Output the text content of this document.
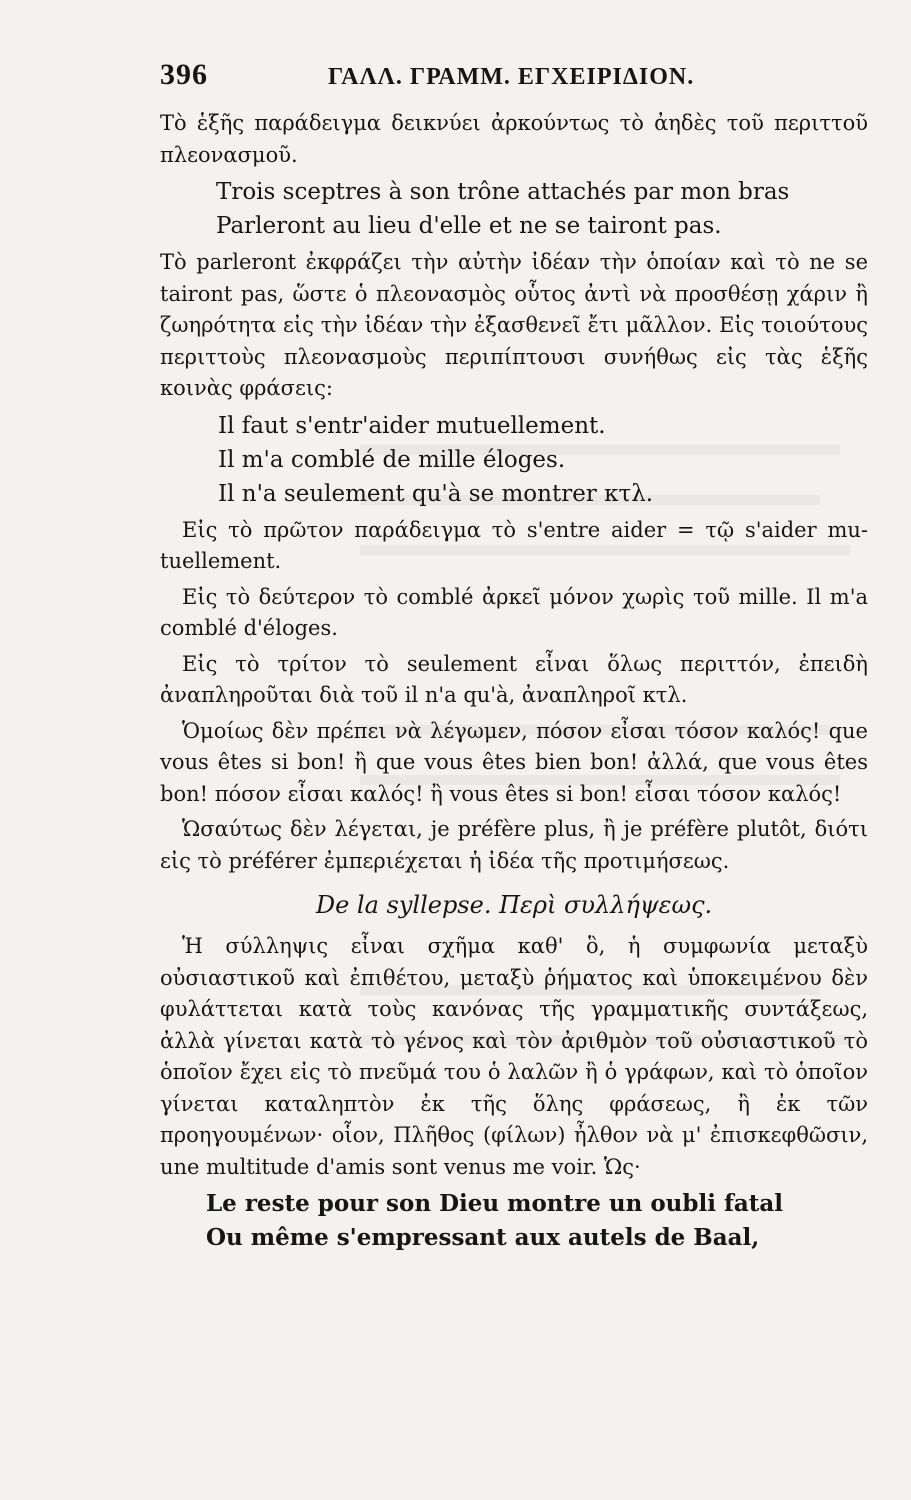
396	ΓΑΛΛ. ΓΡΑΜΜ. ΕΓΧΕΙΡΙΔΙΟΝ.

Τὸ ἑξῆς παράδειγμα δεικνύει ἀρκούντως τὸ ἀηδὲς τοῦ περιττοῦ πλεονασμοῦ.

Trois sceptres à son trône attachés par mon bras
Parleront au lieu d'elle et ne se tairont pas.

Τὸ parleront ἐκφράζει τὴν αὐτὴν ἰδέαν τὴν ὁποίαν καὶ τὸ ne se tairont pas, ὥστε ὁ πλεονασμὸς οὗτος ἀντὶ νὰ προσθέσῃ χάριν ἢ ζωηρότητα εἰς τὴν ἰδέαν τὴν ἐξασθενεῖ ἔτι μᾶλλον. Εἰς τοιούτους περιττοὺς πλεονασμοὺς περιπίπτουσι συνήθως εἰς τὰς ἑξῆς κοινὰς φράσεις:

Il faut s'entr'aider mutuellement.
Il m'a comblé de mille éloges.
Il n'a seulement qu'à se montrer κτλ.

Εἰς τὸ πρῶτον παράδειγμα τὸ s'entre aider = τῷ s'aider mutuellement.

Εἰς τὸ δεύτερον τὸ comblé ἀρκεῖ μόνον χωρὶς τοῦ mille. Il m'a comblé d'éloges.

Εἰς τὸ τρίτον τὸ seulement εἶναι ὅλως περιττόν, ἐπειδὴ ἀναπληροῦται διὰ τοῦ il n'a qu'à, ἀναπληροῖ κτλ.

Ὁμοίως δὲν πρέπει νὰ λέγωμεν, πόσον εἶσαι τόσον καλός! que vous êtes si bon! ἢ que vous êtes bien bon! ἀλλά, que vous êtes bon! πόσον εἶσαι καλός! ἢ vous êtes si bon! εἶσαι τόσον καλός!

Ὡσαύτως δὲν λέγεται, je préfère plus, ἢ je préfère plutôt, διότι εἰς τὸ préférer ἐμπεριέχεται ἡ ἰδέα τῆς προτιμήσεως.

De la syllepse. Περὶ συλλήψεως.

Ἡ σύλληψις εἶναι σχῆμα καθ' ὃ, ἡ συμφωνία μεταξὺ οὐσιαστικοῦ καὶ ἐπιθέτου, μεταξὺ ῥήματος καὶ ὑποκειμένου δὲν φυλάττεται κατὰ τοὺς κανόνας τῆς γραμματικῆς συντάξεως, ἀλλὰ γίνεται κατὰ τὸ γένος καὶ τὸν ἀριθμὸν τοῦ οὐσιαστικοῦ τὸ ὁποῖον ἔχει εἰς τὸ πνεῦμά του ὁ λαλῶν ἢ ὁ γράφων, καὶ τὸ ὁποῖον γίνεται καταληπτὸν ἐκ τῆς ὅλης φράσεως, ἢ ἐκ τῶν προηγουμένων· οἷον, Πλῆθος (φίλων) ἦλθον νὰ μ' ἐπισκεφθῶσιν, une multitude d'amis sont venus me voir. Ὡς·

Le reste pour son Dieu montre un oubli fatal
Ou même s'empressant aux autels de Baal,
